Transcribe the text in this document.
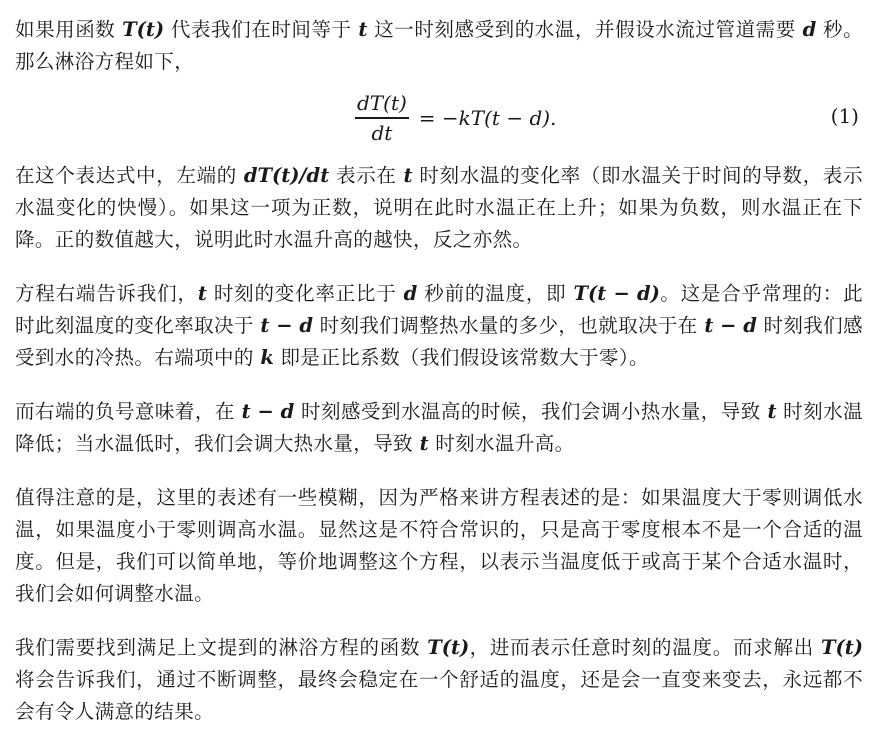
如果用函数 T(t) 代表我们在时间等于 t 这一时刻感受到的水温，并假设水流过管道需要 d 秒。那么淋浴方程如下，

$\frac{dT(t)}{dt} = -kT(t - d)$.	(1)

在这个表达式中，左端的 dT(t)/dt 表示在 t 时刻水温的变化率（即水温关于时间的导数，表示水温变化的快慢）。如果这一项为正数，说明在此时水温正在上升；如果为负数，则水温正在下降。正的数值越大，说明此时水温升高的越快，反之亦然。

方程右端告诉我们，t 时刻的变化率正比于 d 秒前的温度，即 T(t − d)。这是合乎常理的：此时此刻温度的变化率取决于 t − d 时刻我们调整热水量的多少，也就取决于在 t − d 时刻我们感受到水的冷热。右端项中的 k 即是正比系数（我们假设该常数大于零）。

而右端的负号意味着，在 t − d 时刻感受到水温高的时候，我们会调小热水量，导致 t 时刻水温降低；当水温低时，我们会调大热水量，导致 t 时刻水温升高。

值得注意的是，这里的表述有一些模糊，因为严格来讲方程表述的是：如果温度大于零则调低水温，如果温度小于零则调高水温。显然这是不符合常识的，只是高于零度根本不是一个合适的温度。但是，我们可以简单地，等价地调整这个方程，以表示当温度低于或高于某个合适水温时，我们会如何调整水温。

我们需要找到满足上文提到的淋浴方程的函数 T(t)，进而表示任意时刻的温度。而求解出 T(t) 将会告诉我们，通过不断调整，最终会稳定在一个舒适的温度，还是会一直变来变去，永远都不会有令人满意的结果。
